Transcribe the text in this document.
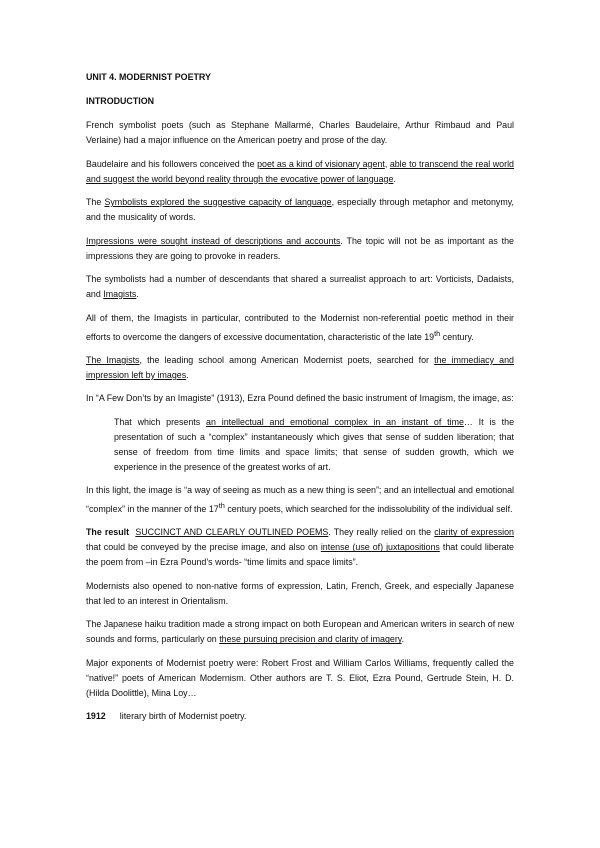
UNIT 4. MODERNIST POETRY

INTRODUCTION

French symbolist poets (such as Stephane Mallarmé, Charles Baudelaire, Arthur Rimbaud and Paul Verlaine) had a major influence on the American poetry and prose of the day.

Baudelaire and his followers conceived the poet as a kind of visionary agent, able to transcend the real world and suggest the world beyond reality through the evocative power of language.

The Symbolists explored the suggestive capacity of language, especially through metaphor and metonymy, and the musicality of words.

Impressions were sought instead of descriptions and accounts. The topic will not be as important as the impressions they are going to provoke in readers.

The symbolists had a number of descendants that shared a surrealist approach to art: Vorticists, Dadaists, and Imagists.

All of them, the Imagists in particular, contributed to the Modernist non-referential poetic method in their efforts to overcome the dangers of excessive documentation, characteristic of the late 19th century.

The Imagists, the leading school among American Modernist poets, searched for the immediacy and impression left by images.

In “A Few Don’ts by an Imagiste” (1913), Ezra Pound defined the basic instrument of Imagism, the image, as:

That which presents an intellectual and emotional complex in an instant of time… It is the presentation of such a “complex” instantaneously which gives that sense of sudden liberation; that sense of freedom from time limits and space limits; that sense of sudden growth, which we experience in the presence of the greatest works of art.

In this light, the image is “a way of seeing as much as a new thing is seen”; and an intellectual and emotional “complex” in the manner of the 17th century poets, which searched for the indissolubility of the individual self.

The result SUCCINCT AND CLEARLY OUTLINED POEMS. They really relied on the clarity of expression that could be conveyed by the precise image, and also on intense (use of) juxtapositions that could liberate the poem from –in Ezra Pound’s words- “time limits and space limits”.

Modernists also opened to non-native forms of expression, Latin, French, Greek, and especially Japanese that led to an interest in Orientalism.

The Japanese haiku tradition made a strong impact on both European and American writers in search of new sounds and forms, particularly on these pursuing precision and clarity of imagery.

Major exponents of Modernist poetry were: Robert Frost and William Carlos Williams, frequently called the “native!” poets of American Modernism. Other authors are T. S. Eliot, Ezra Pound, Gertrude Stein, H. D. (Hilda Doolittle), Mina Loy…

1912 literary birth of Modernist poetry.
